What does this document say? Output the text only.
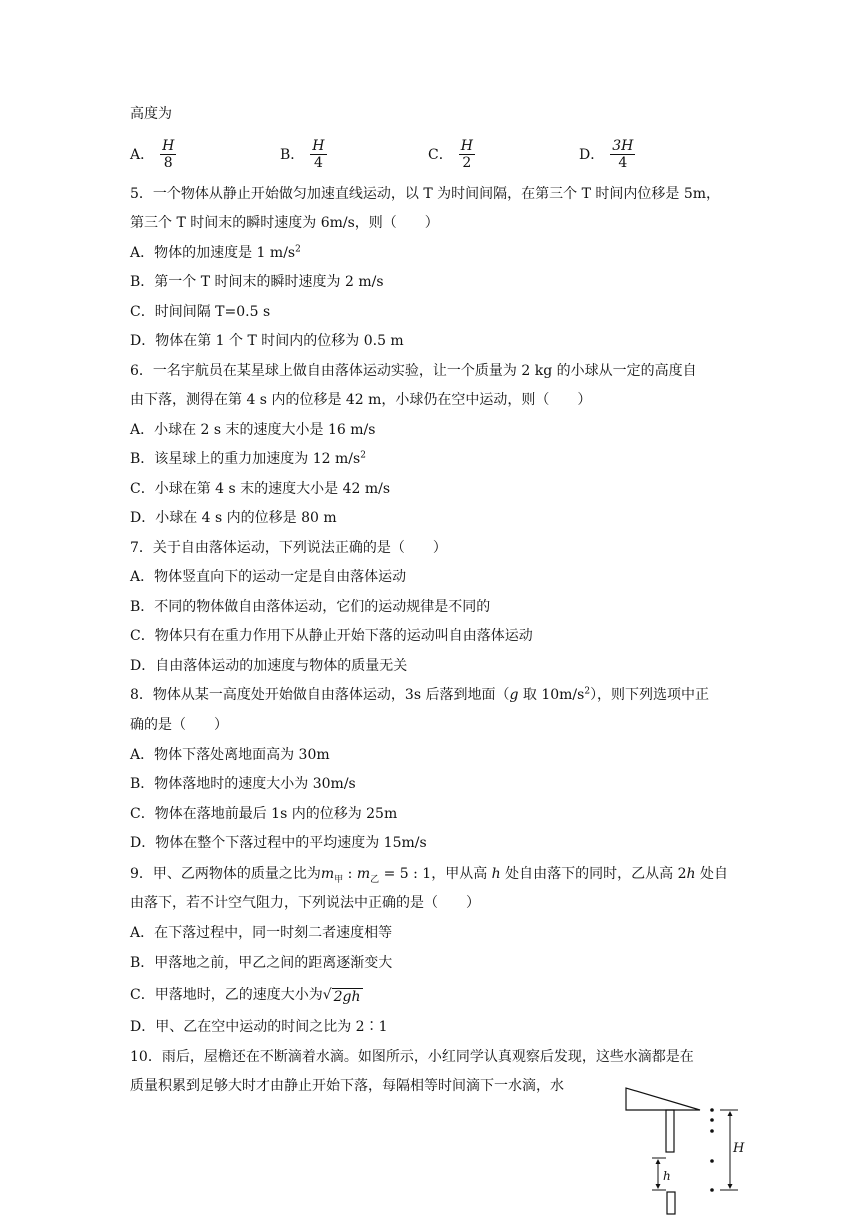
高度为
A． $\frac{H}{8}$	B． $\frac{H}{4}$	C． $\frac{H}{2}$	D． $\frac{3H}{4}$
5．一个物体从静止开始做匀加速直线运动，以 T 为时间间隔，在第三个 T 时间内位移是 5m，
第三个 T 时间末的瞬时速度为 6m/s，则（　　）
A．物体的加速度是 1 $m/s^2$
B．第一个 T 时间末的瞬时速度为 2 m/s
C．时间间隔 T=0.5 s
D．物体在第 1 个 T 时间内的位移为 0.5 m
6．一名宇航员在某星球上做自由落体运动实验，让一个质量为 2 kg 的小球从一定的高度自
由下落，测得在第 4 s 内的位移是 42 m，小球仍在空中运动，则（　　）
A．小球在 2 s 末的速度大小是 16 m/s
B．该星球上的重力加速度为 12 $m/s^2$
C．小球在第 4 s 末的速度大小是 42 m/s
D．小球在 4 s 内的位移是 80 m
7．关于自由落体运动，下列说法正确的是（　　）
A．物体竖直向下的运动一定是自由落体运动
B．不同的物体做自由落体运动，它们的运动规律是不同的
C．物体只有在重力作用下从静止开始下落的运动叫自由落体运动
D．自由落体运动的加速度与物体的质量无关
8．物体从某一高度处开始做自由落体运动，3s 后落到地面（g 取 $10m/s^2$），则下列选项中正
确的是（　　）
A．物体下落处离地面高为 30m
B．物体落地时的速度大小为 30m/s
C．物体在落地前最后 1s 内的位移为 25m
D．物体在整个下落过程中的平均速度为 15m/s
9．甲、乙两物体的质量之比为$m_甲$ : $m_乙 = 5$ : 1，甲从高 h 处自由落下的同时，乙从高 2h 处自
由落下，若不计空气阻力，下列说法中正确的是（　　）
A．在下落过程中，同一时刻二者速度相等
B．甲落地之前，甲乙之间的距离逐渐变大
C．甲落地时，乙的速度大小为 √ 2gh
D．甲、乙在空中运动的时间之比为 2∶1
10．雨后，屋檐还在不断滴着水滴。如图所示，小红同学认真观察后发现，这些水滴都是在
质量积累到足够大时才由静止开始下落，每隔相等时间滴下一水滴，水
h
H
